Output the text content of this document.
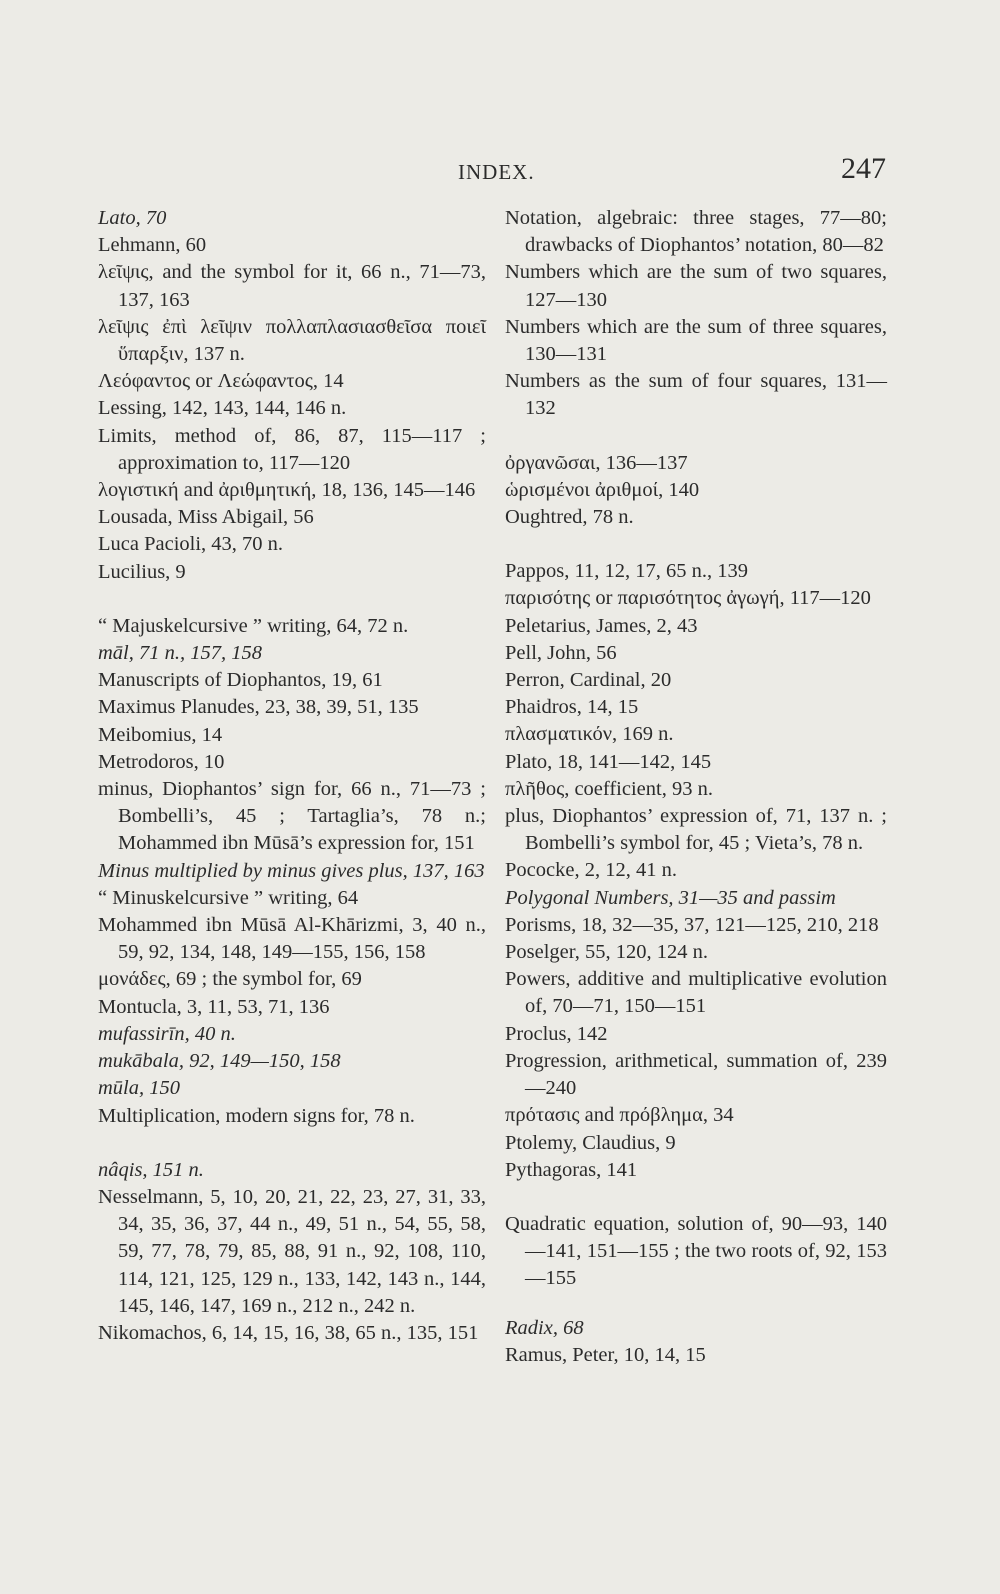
INDEX.	247
Lato, 70
Lehmann, 60
λεῖψις, and the symbol for it, 66 n., 71—73, 137, 163
λεῖψις ἐπὶ λεῖψιν πολλαπλασιασθεῖσα ποιεῖ ὕπαρξιν, 137 n.
Λεόφαντος or Λεώφαντος, 14
Lessing, 142, 143, 144, 146 n.
Limits, method of, 86, 87, 115—117 ; approximation to, 117—120
λογιστική and ἀριθμητική, 18, 136, 145—146
Lousada, Miss Abigail, 56
Luca Pacioli, 43, 70 n.
Lucilius, 9
“ Majuskelcursive ” writing, 64, 72 n.
māl, 71 n., 157, 158
Manuscripts of Diophantos, 19, 61
Maximus Planudes, 23, 38, 39, 51, 135
Meibomius, 14
Metrodoros, 10
minus, Diophantos’ sign for, 66 n., 71—73 ; Bombelli’s, 45 ; Tartaglia’s, 78 n.; Mohammed ibn Mūsā’s expression for, 151
Minus multiplied by minus gives plus, 137, 163
“ Minuskelcursive ” writing, 64
Mohammed ibn Mūsā Al-Khārizmi, 3, 40 n., 59, 92, 134, 148, 149—155, 156, 158
μονάδες, 69 ; the symbol for, 69
Montucla, 3, 11, 53, 71, 136
mufassirīn, 40 n.
mukābala, 92, 149—150, 158
mūla, 150
Multiplication, modern signs for, 78 n.
nâqis, 151 n.
Nesselmann, 5, 10, 20, 21, 22, 23, 27, 31, 33, 34, 35, 36, 37, 44 n., 49, 51 n., 54, 55, 58, 59, 77, 78, 79, 85, 88, 91 n., 92, 108, 110, 114, 121, 125, 129 n., 133, 142, 143 n., 144, 145, 146, 147, 169 n., 212 n., 242 n.
Nikomachos, 6, 14, 15, 16, 38, 65 n., 135, 151
Notation, algebraic: three stages, 77—80; drawbacks of Diophantos’ notation, 80—82
Numbers which are the sum of two squares, 127—130
Numbers which are the sum of three squares, 130—131
Numbers as the sum of four squares, 131—132
ὀργανῶσαι, 136—137
ὡρισμένοι ἀριθμοί, 140
Oughtred, 78 n.
Pappos, 11, 12, 17, 65 n., 139
παρισότης or παρισότητος ἀγωγή, 117—120
Peletarius, James, 2, 43
Pell, John, 56
Perron, Cardinal, 20
Phaidros, 14, 15
πλασματικόν, 169 n.
Plato, 18, 141—142, 145
πλῆθος, coefficient, 93 n.
plus, Diophantos’ expression of, 71, 137 n. ; Bombelli’s symbol for, 45 ; Vieta’s, 78 n.
Pococke, 2, 12, 41 n.
Polygonal Numbers, 31—35 and passim
Porisms, 18, 32—35, 37, 121—125, 210, 218
Poselger, 55, 120, 124 n.
Powers, additive and multiplicative evolution of, 70—71, 150—151
Proclus, 142
Progression, arithmetical, summation of, 239—240
πρότασις and πρόβλημα, 34
Ptolemy, Claudius, 9
Pythagoras, 141
Quadratic equation, solution of, 90—93, 140—141, 151—155 ; the two roots of, 92, 153—155
Radix, 68
Ramus, Peter, 10, 14, 15
